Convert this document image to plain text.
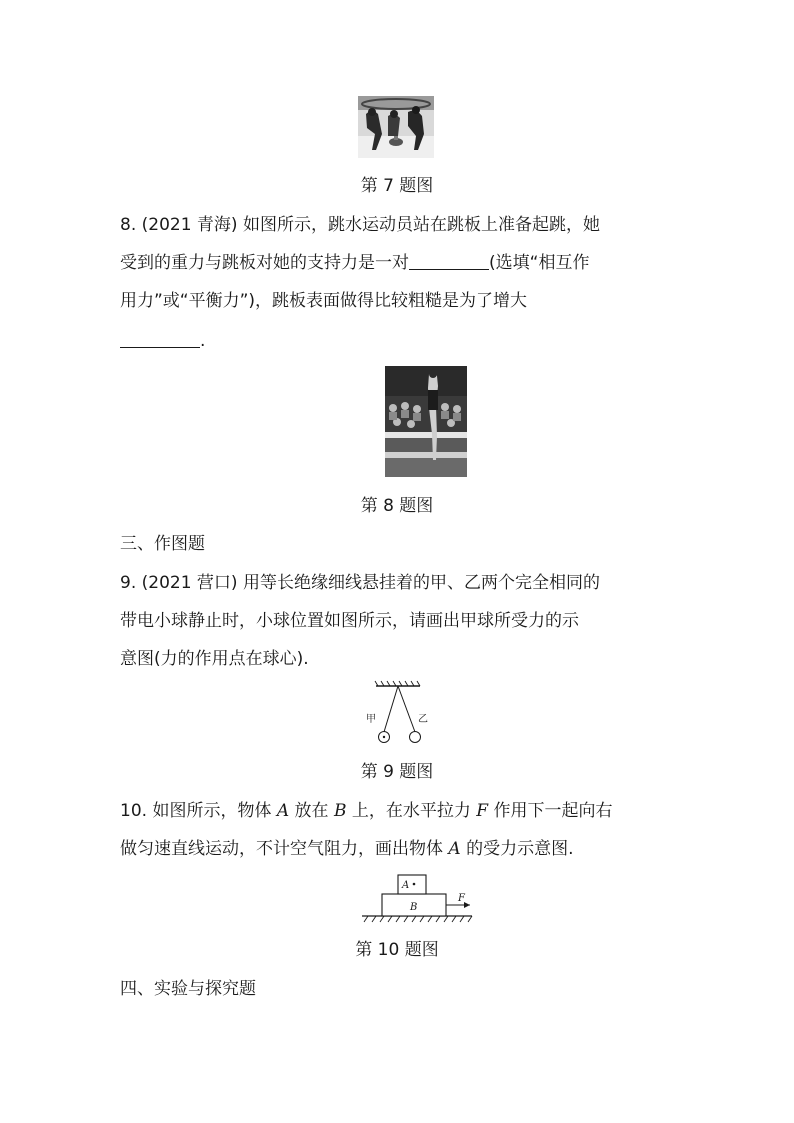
第 7 题图
8. (2021 青海) 如图所示，跳水运动员站在跳板上准备起跳，她
受到的重力与跳板对她的支持力是一对	(选填“相互作
用力”或“平衡力”)，跳板表面做得比较粗糙是为了增大
.
第 8 题图
三、作图题
9. (2021 营口) 用等长绝缘细线悬挂着的甲、乙两个完全相同的
带电小球静止时，小球位置如图所示，请画出甲球所受力的示
意图(力的作用点在球心).
甲	乙
第 9 题图
10. 如图所示，物体 A 放在 B 上，在水平拉力 F 作用下一起向右
做匀速直线运动，不计空气阻力，画出物体 A 的受力示意图.
A
B
F
第 10 题图
四、实验与探究题
